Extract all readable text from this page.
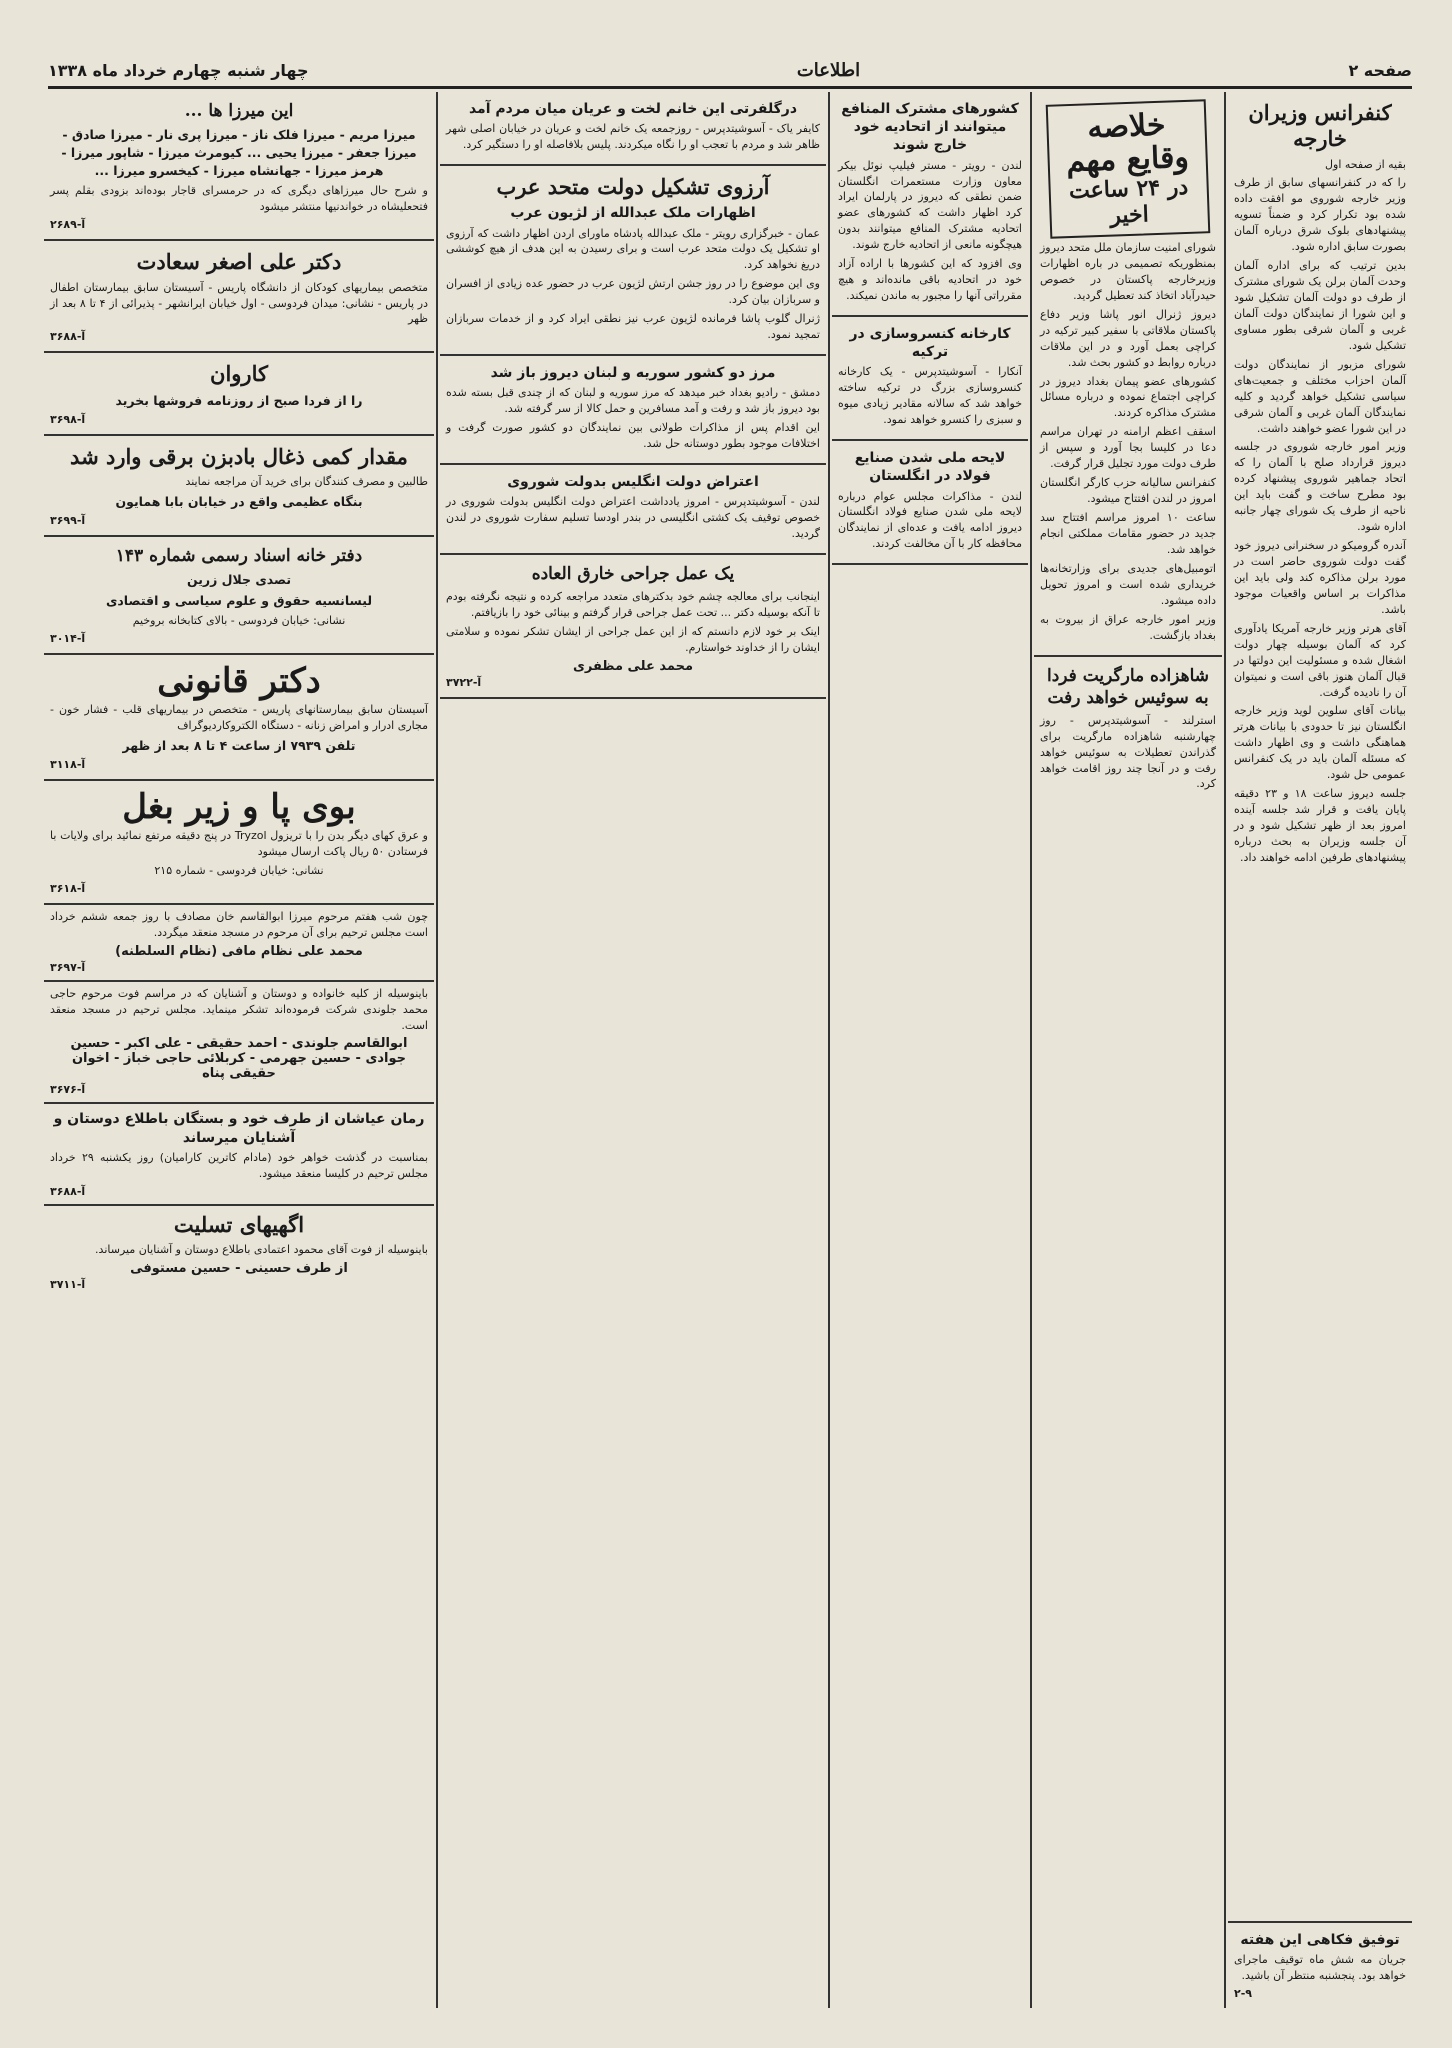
صفحه ۲
اطلاعات
چهار شنبه چهارم خرداد ماه ۱۳۳۸
کنفرانس وزیران خارجه
بقیه از صفحه اول
را که در کنفرانسهای سابق از طرف وزیر خارجه شوروی مو افقت داده شده بود تکرار کرد و ضمناً تسویه پیشنهادهای بلوک شرق درباره آلمان بصورت سابق اداره شود.
بدین ترتیب که برای اداره آلمان وحدت آلمان برلن یک شورای مشترک از طرف دو دولت آلمان تشکیل شود و این شورا از نمایندگان دولت آلمان غربی و آلمان شرقی بطور مساوی تشکیل شود.
شورای مزبور از نمایندگان دولت آلمان احزاب مختلف و جمعیت‌های سیاسی تشکیل خواهد گردید و کلیه نمایندگان آلمان غربی و آلمان شرقی در این شورا عضو خواهند داشت.
وزیر امور خارجه شوروی در جلسه دیروز قرارداد صلح با آلمان را که اتحاد جماهیر شوروی پیشنهاد کرده بود مطرح ساخت و گفت باید این ناحیه از طرف یک شورای چهار جانبه اداره شود.
آندره گرومیکو در سخنرانی دیروز خود گفت دولت شوروی حاضر است در مورد برلن مذاکره کند ولی باید این مذاکرات بر اساس واقعیات موجود باشد.
آقای هرتر وزیر خارجه آمریکا یادآوری کرد که آلمان بوسیله چهار دولت اشغال شده و مسئولیت این دولتها در قبال آلمان هنوز باقی است و نمیتوان آن را نادیده گرفت.
بیانات آقای سلوین لوید وزیر خارجه انگلستان نیز تا حدودی با بیانات هرتر هماهنگی داشت و وی اظهار داشت که مسئله آلمان باید در یک کنفرانس عمومی حل شود.
جلسه دیروز ساعت ۱۸ و ۲۳ دقیقه پایان یافت و قرار شد جلسه آینده امروز بعد از ظهر تشکیل شود و در آن جلسه وزیران به بحث درباره پیشنهادهای طرفین ادامه خواهند داد.
توفیق فکاهی این هفته
جریان مه شش ماه توقیف ماجرای خواهد بود. پنجشنبه منتظر آن باشید.
۲-۹
خلاصه وقایع مهم
در ۲۴ ساعت اخیر
شورای امنیت سازمان ملل متحد دیروز بمنظوریکه تصمیمی در باره اظهارات وزیرخارجه پاکستان در خصوص حیدرآباد اتخاذ کند تعطیل گردید.
دیروز ژنرال انور پاشا وزیر دفاع پاکستان ملاقاتی با سفیر کبیر ترکیه در کراچی بعمل آورد و در این ملاقات درباره روابط دو کشور بحث شد.
کشورهای عضو پیمان بغداد دیروز در کراچی اجتماع نموده و درباره مسائل مشترک مذاکره کردند.
اسقف اعظم ارامنه در تهران مراسم دعا در کلیسا بجا آورد و سپس از طرف دولت مورد تجلیل قرار گرفت.
کنفرانس سالیانه حزب کارگر انگلستان امروز در لندن افتتاح میشود.
ساعت ۱۰ امروز مراسم افتتاح سد جدید در حضور مقامات مملکتی انجام خواهد شد.
اتومبیل‌های جدیدی برای وزارتخانه‌ها خریداری شده است و امروز تحویل داده میشود.
وزیر امور خارجه عراق از بیروت به بغداد بازگشت.
شاهزاده مارگریت فردا به سوئیس خواهد رفت
استرلند - آسوشیتدپرس - روز چهارشنبه شاهزاده مارگریت برای گذراندن تعطیلات به سوئیس خواهد رفت و در آنجا چند روز اقامت خواهد کرد.
کشورهای مشترک المنافع میتوانند از اتحادیه خود خارج شوند
لندن - رویتر - مستر فیلیپ نوئل بیکر معاون وزارت مستعمرات انگلستان ضمن نطقی که دیروز در پارلمان ایراد کرد اظهار داشت که کشورهای عضو اتحادیه مشترک المنافع میتوانند بدون هیچگونه مانعی از اتحادیه خارج شوند.
وی افزود که این کشورها با اراده آزاد خود در اتحادیه باقی مانده‌اند و هیچ مقرراتی آنها را مجبور به ماندن نمیکند.
کارخانه کنسروسازی در ترکیه
آنکارا - آسوشیتدپرس - یک کارخانه کنسروسازی بزرگ در ترکیه ساخته خواهد شد که سالانه مقادیر زیادی میوه و سبزی را کنسرو خواهد نمود.
لایحه ملی شدن صنایع فولاد در انگلستان
لندن - مذاکرات مجلس عوام درباره لایحه ملی شدن صنایع فولاد انگلستان دیروز ادامه یافت و عده‌ای از نمایندگان محافظه کار با آن مخالفت کردند.
درگلفرتی این خانم لخت و عریان میان مردم آمد
کایفر یاک - آسوشیتدپرس - روزجمعه یک خانم لخت و عریان در خیابان اصلی شهر ظاهر شد و مردم با تعجب او را نگاه میکردند. پلیس بلافاصله او را دستگیر کرد.
آرزوی تشکیل دولت متحد عرب
اظهارات ملک عبدالله از لژیون عرب
عمان - خبرگزاری رویتر - ملک عبدالله پادشاه ماورای اردن اظهار داشت که آرزوی او تشکیل یک دولت متحد عرب است و برای رسیدن به این هدف از هیچ کوششی دریغ نخواهد کرد.
وی این موضوع را در روز جشن ارتش لژیون عرب در حضور عده زیادی از افسران و سربازان بیان کرد.
ژنرال گلوب پاشا فرمانده لژیون عرب نیز نطقی ایراد کرد و از خدمات سربازان تمجید نمود.
مرز دو کشور سوریه و لبنان دیروز باز شد
دمشق - رادیو بغداد خبر میدهد که مرز سوریه و لبنان که از چندی قبل بسته شده بود دیروز باز شد و رفت و آمد مسافرین و حمل کالا از سر گرفته شد.
این اقدام پس از مذاکرات طولانی بین نمایندگان دو کشور صورت گرفت و اختلافات موجود بطور دوستانه حل شد.
اعتراض دولت انگلیس بدولت شوروی
لندن - آسوشیتدپرس - امروز یادداشت اعتراض دولت انگلیس بدولت شوروی در خصوص توقیف یک کشتی انگلیسی در بندر اودسا تسلیم سفارت شوروی در لندن گردید.
یک عمل جراحی خارق العاده
اینجانب برای معالجه چشم خود بدکترهای متعدد مراجعه کرده و نتیجه نگرفته بودم تا آنکه بوسیله دکتر ... تحت عمل جراحی قرار گرفتم و بینائی خود را بازیافتم.
اینک بر خود لازم دانستم که از این عمل جراحی از ایشان تشکر نموده و سلامتی ایشان را از خداوند خواستارم.
محمد علی مظفری
آ-۳۷۲۲
این میرزا ها ...
میرزا مریم - میرزا فلک ناز - میرزا پری نار - میرزا صادق - میرزا جعفر - میرزا یحیی ... کیومرث میرزا - شاپور میرزا - هرمز میرزا - جهانشاه میرزا - کیخسرو میرزا ...
و شرح حال میرزاهای دیگری که در حرمسرای قاجار بوده‌اند بزودی بقلم پسر فتحعلیشاه در خواندنیها منتشر میشود
آ-۲۶۸۹
دکتر علی اصغر سعادت
متخصص بیماریهای کودکان از دانشگاه پاریس - آسیستان سابق بیمارستان اطفال در پاریس - نشانی: میدان فردوسی - اول خیابان ایرانشهر - پذیرائی از ۴ تا ۸ بعد از ظهر
آ-۳۶۸۸
کاروان
را از فردا صبح از روزنامه فروشها بخرید
آ-۳۶۹۸
مقدار کمی ذغال بادبزن برقی وارد شد
طالبین و مصرف کنندگان برای خرید آن مراجعه نمایند
بنگاه عظیمی واقع در خیابان بابا همایون
آ-۳۶۹۹
دفتر خانه اسناد رسمی شماره ۱۴۳
تصدی جلال زرین
لیسانسیه حقوق و علوم سیاسی و اقتصادی
نشانی: خیابان فردوسی - بالای کتابخانه بروخیم
آ-۳۰۱۴
دکتر قانونی
آسیستان سابق بیمارستانهای پاریس - متخصص در بیماریهای قلب - فشار خون - مجاری ادرار و امراض زنانه - دستگاه الکتروکاردیوگراف
تلفن ۷۹۳۹ از ساعت ۴ تا ۸ بعد از ظهر
آ-۳۱۱۸
بوی پا و زیر بغل
و عرق کهای دیگر بدن را با تریزول Tryzol در پنج دقیقه مرتفع نمائید برای ولایات با فرستادن ۵۰ ریال پاکت ارسال میشود
نشانی: خیابان فردوسی - شماره ۲۱۵
آ-۳۶۱۸
چون شب هفتم مرحوم میرزا ابوالقاسم خان مصادف با روز جمعه ششم خرداد است مجلس ترحیم برای آن مرحوم در مسجد منعقد میگردد.
محمد علی نظام مافی (نظام السلطنه)
آ-۳۶۹۷
باینوسیله از کلیه خانواده و دوستان و آشنایان که در مراسم فوت مرحوم حاجی محمد جلوندی شرکت فرموده‌اند تشکر مینماید. مجلس ترحیم در مسجد منعقد است.
ابوالقاسم جلوندی - احمد حقیقی - علی اکبر - حسین جوادی - حسین جهرمی - کربلائی حاجی خباز - اخوان حقیقی پناه
آ-۳۶۷۶
رمان عیاشان از طرف خود و بستگان باطلاع دوستان و آشنایان میرساند
بمناسبت در گذشت خواهر خود (مادام کاترین کارامیان) روز یکشنبه ۲۹ خرداد مجلس ترحیم در کلیسا منعقد میشود.
آ-۳۶۸۸
اگهیهای تسلیت
باینوسیله از فوت آقای محمود اعتمادی باطلاع دوستان و آشنایان میرساند.
از طرف حسینی - حسین مستوفی
آ-۳۷۱۱
